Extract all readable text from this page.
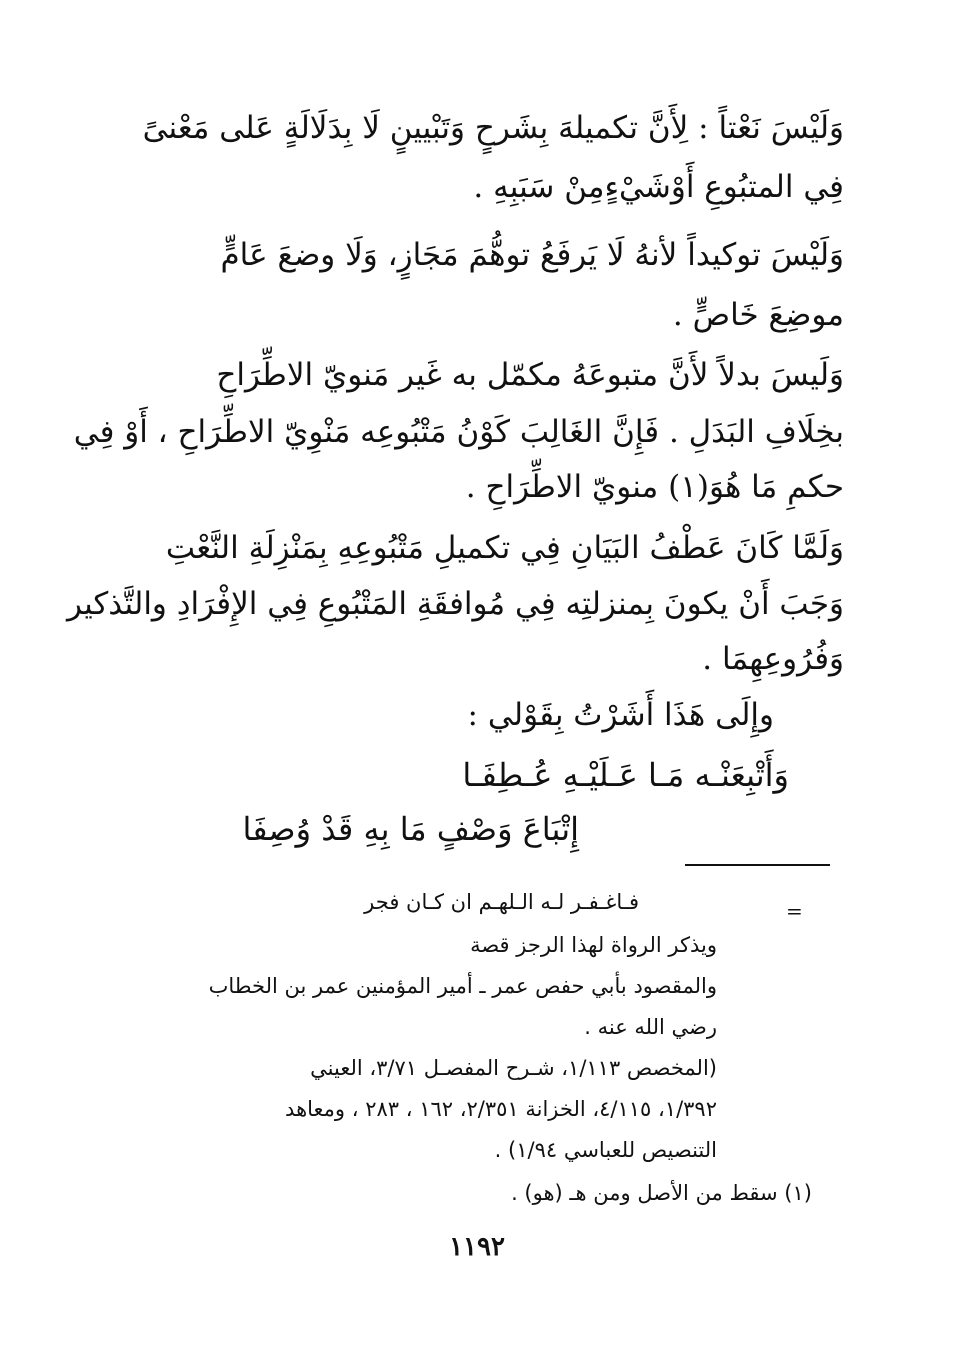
وَلَيْسَ نَعْتاً : لِأَنَّ تكميلهَ بِشَرحٍ وَتَبْيينٍ لَا بِدَلَالَةٍ عَلى مَعْنىً
فِي المتبُوعِ أَوْشَيْءٍمِنْ سَبَبِهِ .
وَلَيْسَ توكيداً لأنهُ لَا يَرفَعُ توهُّمَ مَجَازٍ، وَلَا وضعَ عَامٍّ
موضِعَ خَاصٍّ .
وَلَيسَ بدلاً لأَنَّ متبوعَهُ مكمّل به غَير مَنويّ الاطِّرَاحِ
بخِلَافِ البَدَلِ . فَإِنَّ الغَالِبَ كَوْنُ مَتْبُوعِه مَنْوِيّ الاطِّرَاحِ ، أَوْ فِي
حكمِ مَا هُوَ(١) منويّ الاطِّرَاحِ .
وَلَمَّا كَانَ عَطْفُ البَيَانِ فِي تكميلِ مَتْبُوعِهِ بِمَنْزِلَةِ النَّعْتِ
وَجَبَ أَنْ يكونَ بِمنزلتِه فِي مُوافقَةِ المَتْبُوعِ فِي الإِفْرَادِ والتَّذكير
وَفُرُوعِهِمَا .
وإِلَى هَذَا أَشَرْتُ بِقَوْلي :
وَأَتْبِعَنْـه مَـا عَـلَيْـهِ عُـطِفَـا
إِتْبَاعَ وَصْفٍ مَا بِهِ قَدْ وُصِفَا
=
فـاغـفـر لـه الـلهـم ان كـان فجر
ويذكر الرواة لهذا الرجز قصة
والمقصود بأبي حفص عمر ـ أمير المؤمنين عمر بن الخطاب
رضي الله عنه .
(المخصص ١/١١٣، شـرح المفصـل ٣/٧١، العيني
١/٣٩٢، ٤/١١٥، الخزانة ٢/٣٥١، ١٦٢ ، ٢٨٣ ، ومعاهد
التنصيص للعباسي ١/٩٤) .
(١) سقط من الأصل ومن هـ (هو) .
١١٩٢
